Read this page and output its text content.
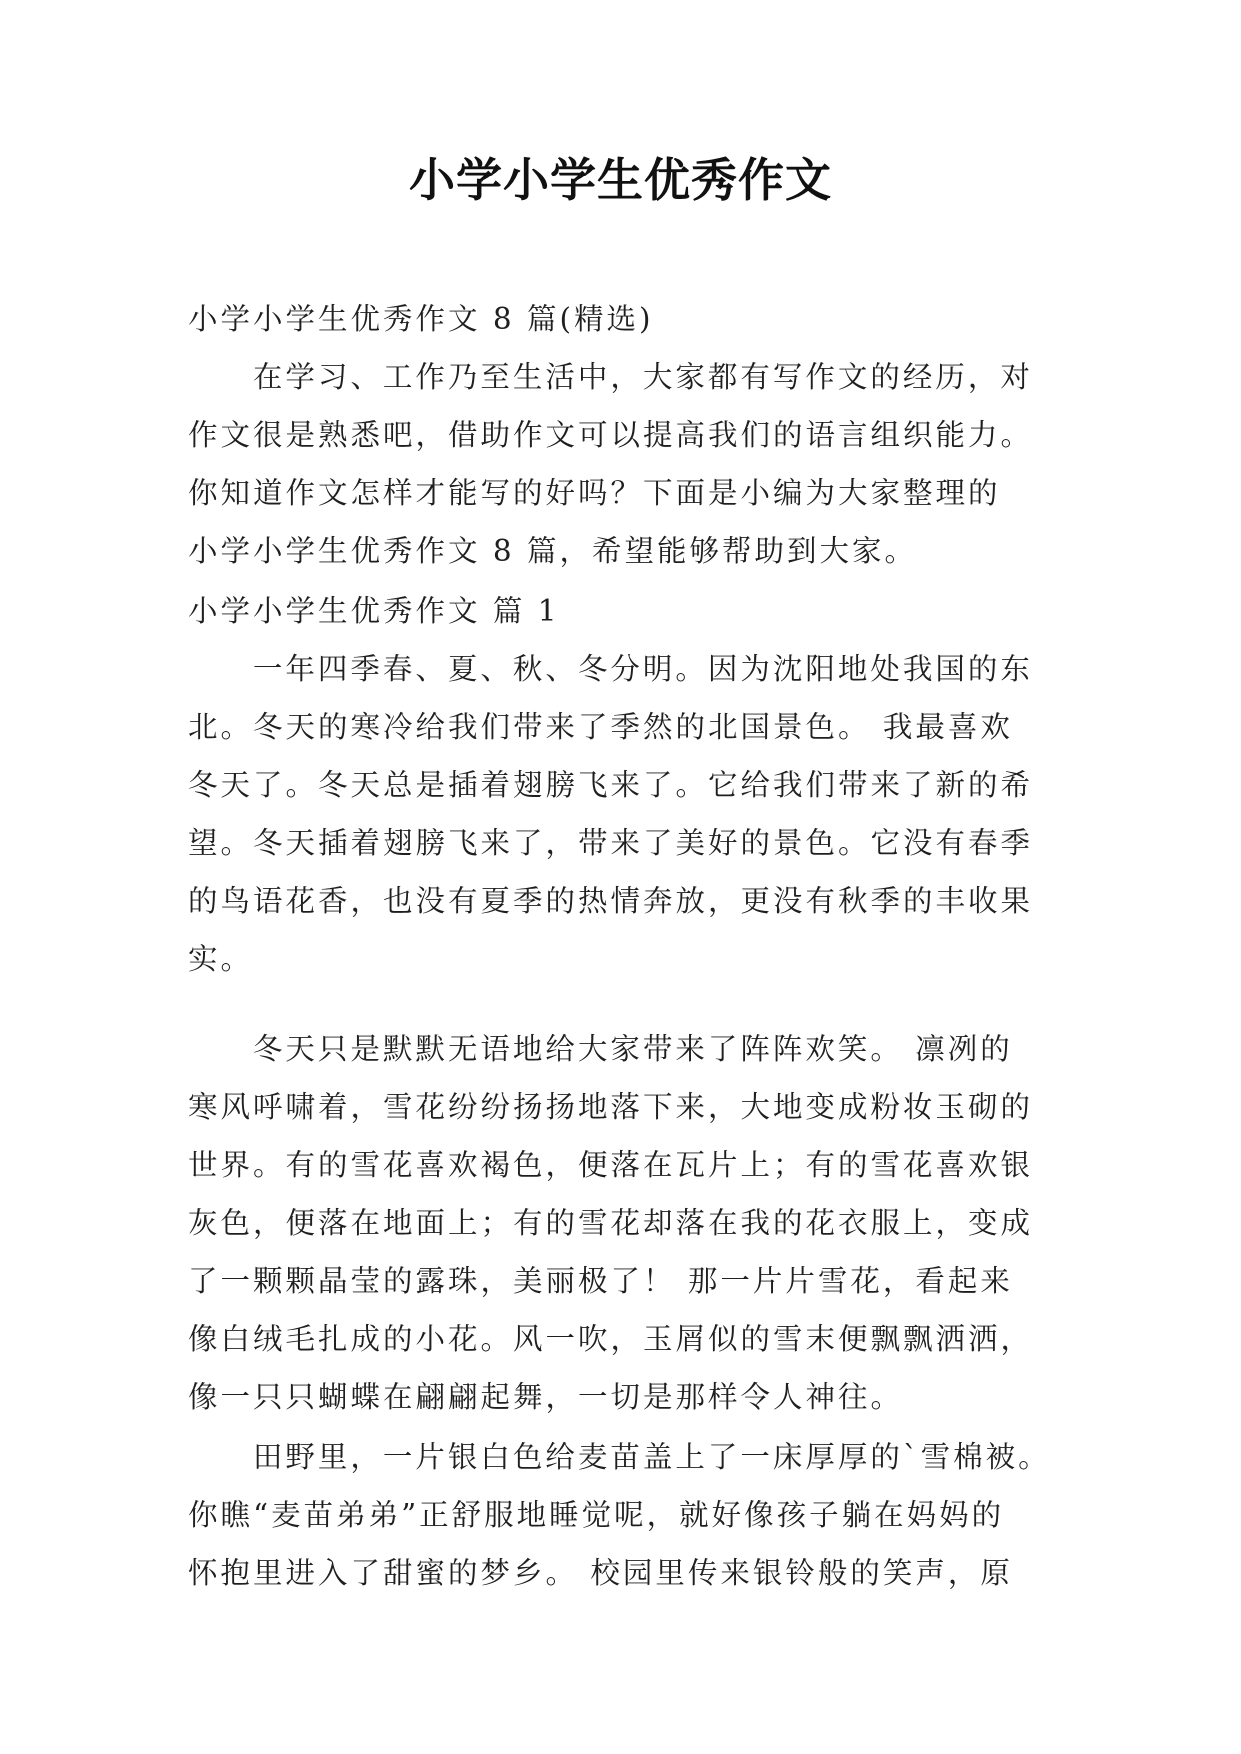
小学小学生优秀作文
小学小学生优秀作文 8 篇(精选)
在学习、工作乃至生活中，大家都有写作文的经历，对
作文很是熟悉吧，借助作文可以提高我们的语言组织能力。
你知道作文怎样才能写的好吗？下面是小编为大家整理的
小学小学生优秀作文 8 篇，希望能够帮助到大家。
小学小学生优秀作文 篇 1
一年四季春、夏、秋、冬分明。因为沈阳地处我国的东
北。冬天的寒冷给我们带来了季然的北国景色。 我最喜欢
冬天了。冬天总是插着翅膀飞来了。它给我们带来了新的希
望。冬天插着翅膀飞来了，带来了美好的景色。它没有春季
的鸟语花香，也没有夏季的热情奔放，更没有秋季的丰收果
实。
冬天只是默默无语地给大家带来了阵阵欢笑。 凛冽的
寒风呼啸着，雪花纷纷扬扬地落下来，大地变成粉妆玉砌的
世界。有的雪花喜欢褐色，便落在瓦片上；有的雪花喜欢银
灰色，便落在地面上；有的雪花却落在我的花衣服上，变成
了一颗颗晶莹的露珠，美丽极了！ 那一片片雪花，看起来
像白绒毛扎成的小花。风一吹，玉屑似的雪末便飘飘洒洒，
像一只只蝴蝶在翩翩起舞，一切是那样令人神往。
田野里，一片银白色给麦苗盖上了一床厚厚的`雪棉被。
你瞧“麦苗弟弟”正舒服地睡觉呢，就好像孩子躺在妈妈的
怀抱里进入了甜蜜的梦乡。 校园里传来银铃般的笑声，原
